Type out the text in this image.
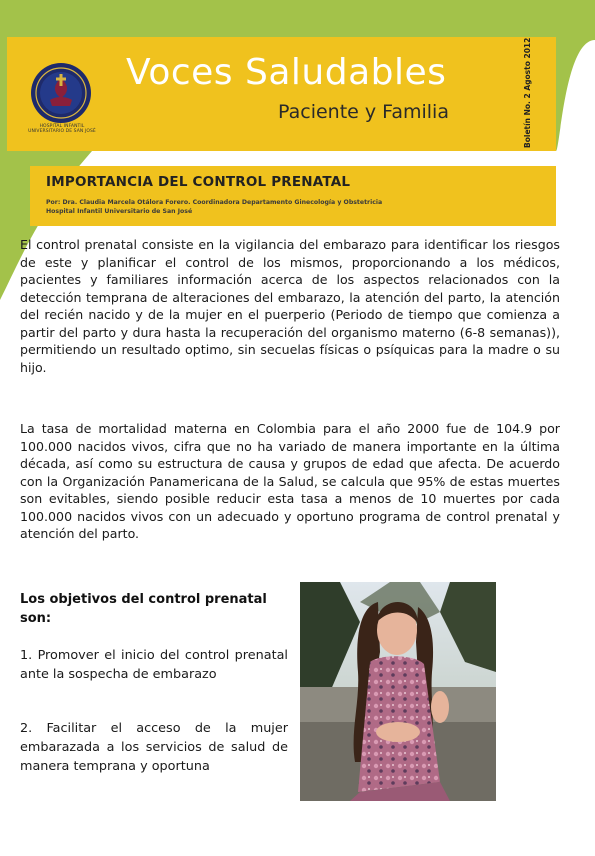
HOSPITAL INFANTIL UNIVERSITARIO DE SAN JOSÉ
Voces Saludables
Paciente y Familia	Boletín No. 2 Agosto 2012
IMPORTANCIA DEL CONTROL PRENATAL
Por: Dra. Claudia Marcela Otálora Forero. Coordinadora Departamento Ginecología y Obstetricia
Hospital Infantil Universitario de San José

El control prenatal consiste en la vigilancia del embarazo para identificar los riesgos de este y planificar el control de los mismos, proporcionando a los médicos, pacientes y familiares información acerca de los aspectos relacionados con la detección temprana de alteraciones del embarazo, la atención del parto, la atención del recién nacido y de la mujer en el puerperio (Periodo de tiempo que comienza a partir del parto y dura hasta la recuperación del organismo materno (6-8 semanas)), permitiendo un resultado optimo, sin secuelas físicas o psíquicas para la madre o su hijo.

La tasa de mortalidad materna en Colombia para el año 2000 fue de 104.9 por 100.000 nacidos vivos, cifra que no ha variado de manera importante en la última década, así como su estructura de causa y grupos de edad que afecta. De acuerdo con la Organización Panamericana de la Salud, se calcula que 95% de estas muertes son evitables, siendo posible reducir esta tasa a menos de 10 muertes por cada 100.000 nacidos vivos con un adecuado y oportuno programa de control prenatal y atención del parto.

Los objetivos del control prenatal son:

1. Promover el inicio del control prenatal ante la sospecha de embarazo

2. Facilitar el acceso de la mujer embarazada a los servicios de salud de manera temprana y oportuna
